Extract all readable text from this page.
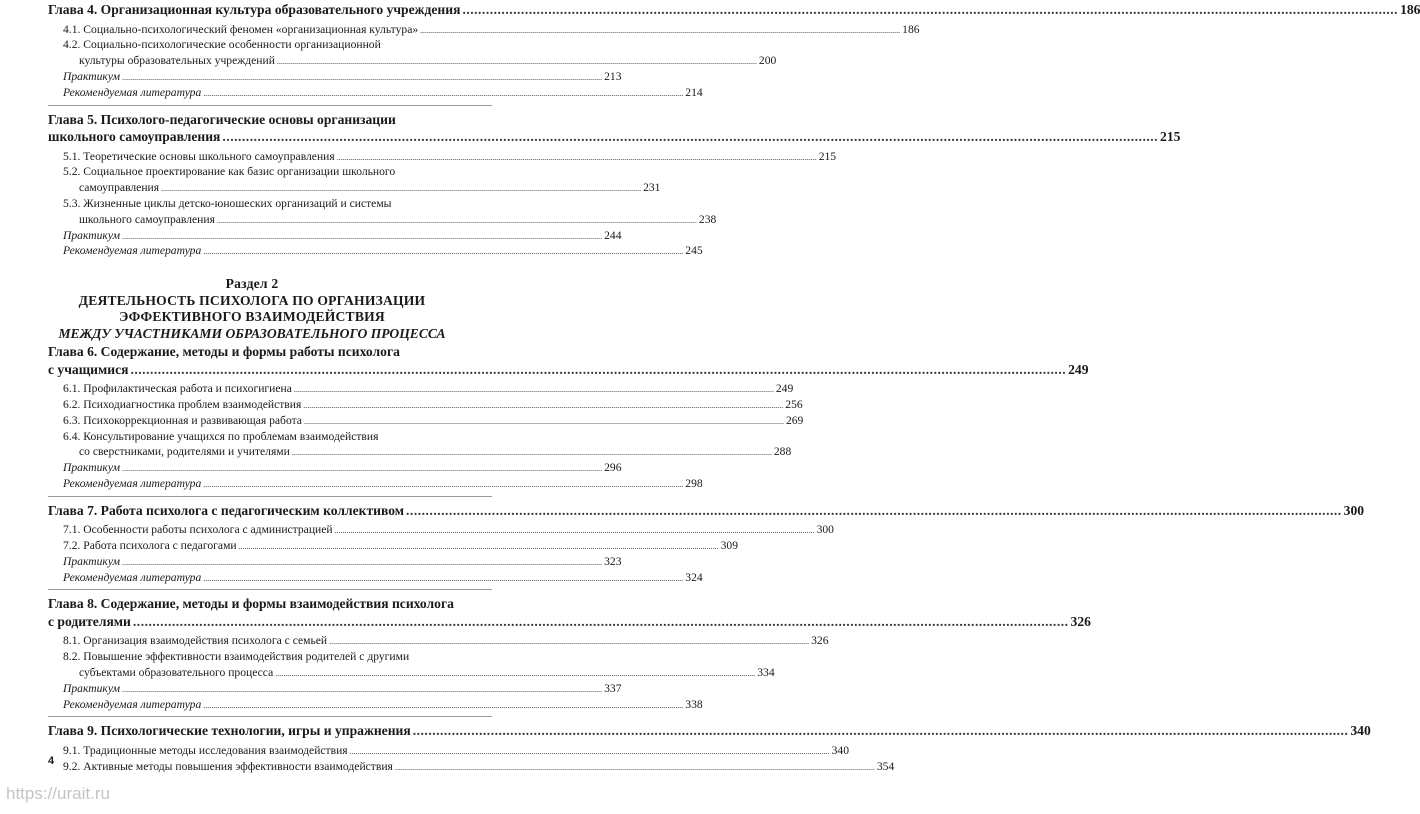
Глава 4. Организационная культура образовательного учреждения .....	186
4.1. Социально-психологический феномен «организационная культура» .....	186
4.2. Социально-психологические особенности организационной
культуры образовательных учреждений .....	200
Практикум .....	213
Рекомендуемая литература .....	214
Глава 5. Психолого-педагогические основы организации
школьного самоуправления .....	215
5.1. Теоретические основы школьного самоуправления .....	215
5.2. Социальное проектирование как базис организации школьного
самоуправления .....	231
5.3. Жизненные циклы детско-юношеских организаций и системы
школьного самоуправления .....	238
Практикум .....	244
Рекомендуемая литература .....	245
Раздел 2
ДЕЯТЕЛЬНОСТЬ ПСИХОЛОГА ПО ОРГАНИЗАЦИИ
ЭФФЕКТИВНОГО ВЗАИМОДЕЙСТВИЯ
МЕЖДУ УЧАСТНИКАМИ ОБРАЗОВАТЕЛЬНОГО ПРОЦЕССА
Глава 6. Содержание, методы и формы работы психолога
с учащимися .....	249
6.1. Профилактическая работа и психогигиена .....	249
6.2. Психодиагностика проблем взаимодействия .....	256
6.3. Психокоррекционная и развивающая работа .....	269
6.4. Консультирование учащихся по проблемам взаимодействия
со сверстниками, родителями и учителями .....	288
Практикум .....	296
Рекомендуемая литература .....	298
Глава 7. Работа психолога с педагогическим коллективом .....	300
7.1. Особенности работы психолога с администрацией .....	300
7.2. Работа психолога с педагогами .....	309
Практикум .....	323
Рекомендуемая литература .....	324
Глава 8. Содержание, методы и формы взаимодействия психолога
с родителями .....	326
8.1. Организация взаимодействия психолога с семьей .....	326
8.2. Повышение эффективности взаимодействия родителей с другими
субъектами образовательного процесса .....	334
Практикум .....	337
Рекомендуемая литература .....	338
Глава 9. Психологические технологии, игры и упражнения .....	340
9.1. Традиционные методы исследования взаимодействия .....	340
9.2. Активные методы повышения эффективности взаимодействия .....	354
4
https://urait.ru
